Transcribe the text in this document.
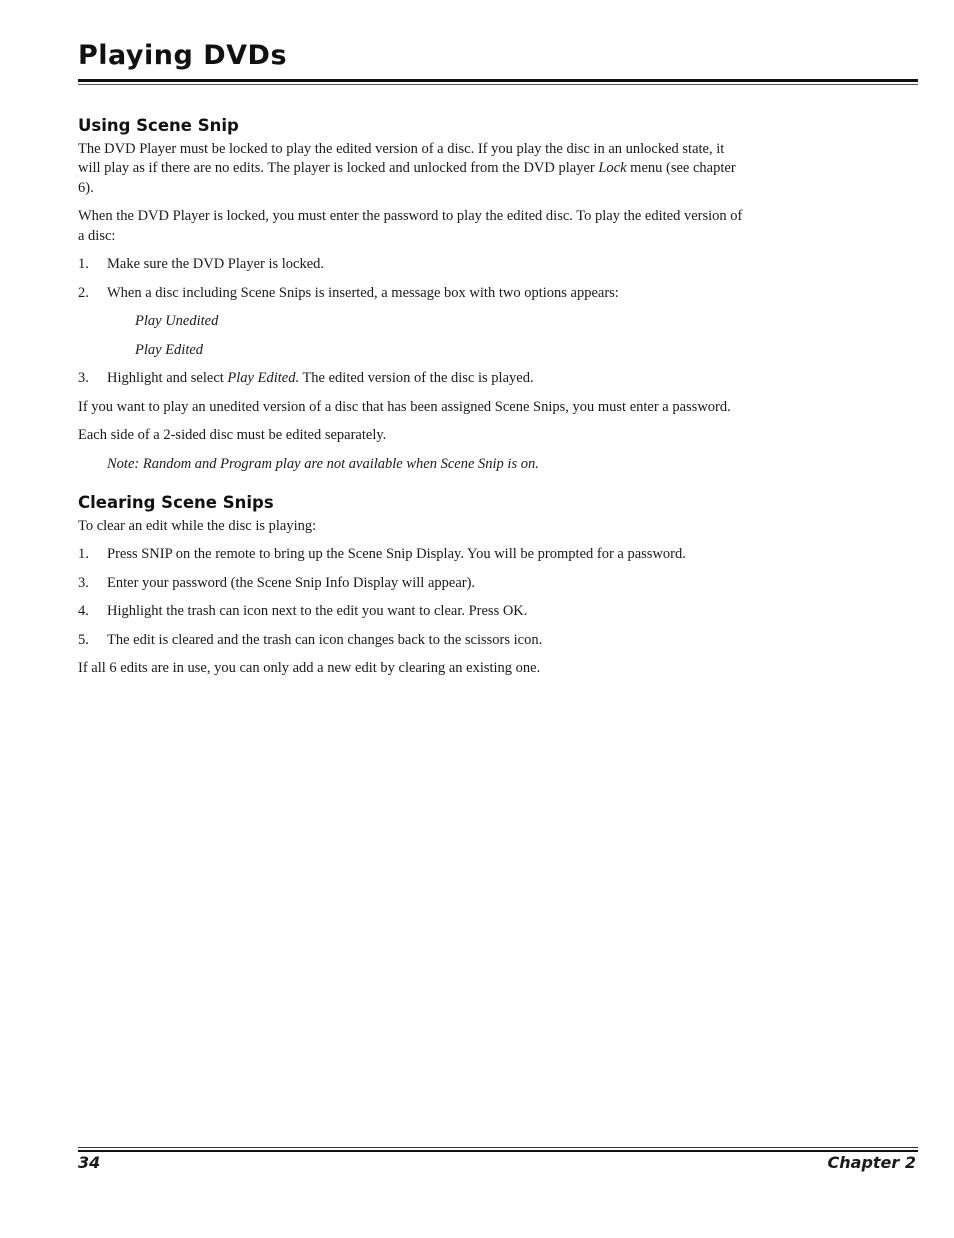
Playing DVDs
Using Scene Snip

The DVD Player must be locked to play the edited version of a disc. If you play the disc in an unlocked state, it will play as if there are no edits. The player is locked and unlocked from the DVD player Lock menu (see chapter 6).

When the DVD Player is locked, you must enter the password to play the edited disc. To play the edited version of a disc:

1. Make sure the DVD Player is locked.
2. When a disc including Scene Snips is inserted, a message box with two options appears:
Play Unedited
Play Edited
3. Highlight and select Play Edited. The edited version of the disc is played.

If you want to play an unedited version of a disc that has been assigned Scene Snips, you must enter a password.

Each side of a 2-sided disc must be edited separately.

Note: Random and Program play are not available when Scene Snip is on.
Clearing Scene Snips

To clear an edit while the disc is playing:

1. Press SNIP on the remote to bring up the Scene Snip Display. You will be prompted for a password.
3. Enter your password (the Scene Snip Info Display will appear).
4. Highlight the trash can icon next to the edit you want to clear. Press OK.
5. The edit is cleared and the trash can icon changes back to the scissors icon.

If all 6 edits are in use, you can only add a new edit by clearing an existing one.

34	Chapter 2
